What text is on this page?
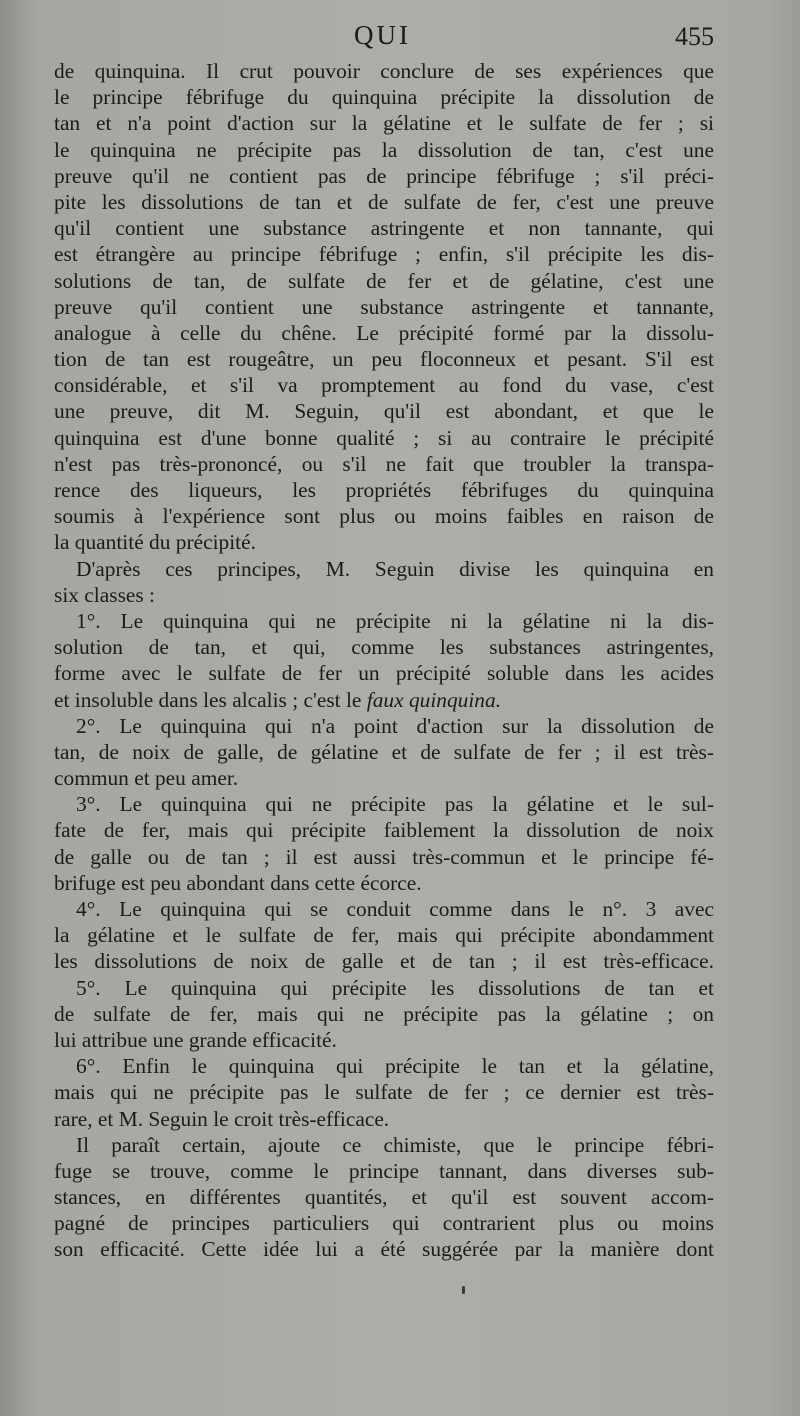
QUI	455
de quinquina. Il crut pouvoir conclure de ses expériences que
le principe fébrifuge du quinquina précipite la dissolution de
tan et n'a point d'action sur la gélatine et le sulfate de fer ; si
le quinquina ne précipite pas la dissolution de tan, c'est une
preuve qu'il ne contient pas de principe fébrifuge ; s'il préci-
pite les dissolutions de tan et de sulfate de fer, c'est une preuve
qu'il contient une substance astringente et non tannante, qui
est étrangère au principe fébrifuge ; enfin, s'il précipite les dis-
solutions de tan, de sulfate de fer et de gélatine, c'est une
preuve qu'il contient une substance astringente et tannante,
analogue à celle du chêne. Le précipité formé par la dissolu-
tion de tan est rougeâtre, un peu floconneux et pesant. S'il est
considérable, et s'il va promptement au fond du vase, c'est
une preuve, dit M. Seguin, qu'il est abondant, et que le
quinquina est d'une bonne qualité ; si au contraire le précipité
n'est pas très-prononcé, ou s'il ne fait que troubler la transpa-
rence des liqueurs, les propriétés fébrifuges du quinquina
soumis à l'expérience sont plus ou moins faibles en raison de
la quantité du précipité.
D'après ces principes, M. Seguin divise les quinquina en
six classes :
1°. Le quinquina qui ne précipite ni la gélatine ni la dis-
solution de tan, et qui, comme les substances astringentes,
forme avec le sulfate de fer un précipité soluble dans les acides
et insoluble dans les alcalis ; c'est le faux quinquina.
2°. Le quinquina qui n'a point d'action sur la dissolution de
tan, de noix de galle, de gélatine et de sulfate de fer ; il est très-
commun et peu amer.
3°. Le quinquina qui ne précipite pas la gélatine et le sul-
fate de fer, mais qui précipite faiblement la dissolution de noix
de galle ou de tan ; il est aussi très-commun et le principe fé-
brifuge est peu abondant dans cette écorce.
4°. Le quinquina qui se conduit comme dans le n°. 3 avec
la gélatine et le sulfate de fer, mais qui précipite abondamment
les dissolutions de noix de galle et de tan ; il est très-efficace.
5°. Le quinquina qui précipite les dissolutions de tan et
de sulfate de fer, mais qui ne précipite pas la gélatine ; on
lui attribue une grande efficacité.
6°. Enfin le quinquina qui précipite le tan et la gélatine,
mais qui ne précipite pas le sulfate de fer ; ce dernier est très-
rare, et M. Seguin le croit très-efficace.
Il paraît certain, ajoute ce chimiste, que le principe fébri-
fuge se trouve, comme le principe tannant, dans diverses sub-
stances, en différentes quantités, et qu'il est souvent accom-
pagné de principes particuliers qui contrarient plus ou moins
son efficacité. Cette idée lui a été suggérée par la manière dont
